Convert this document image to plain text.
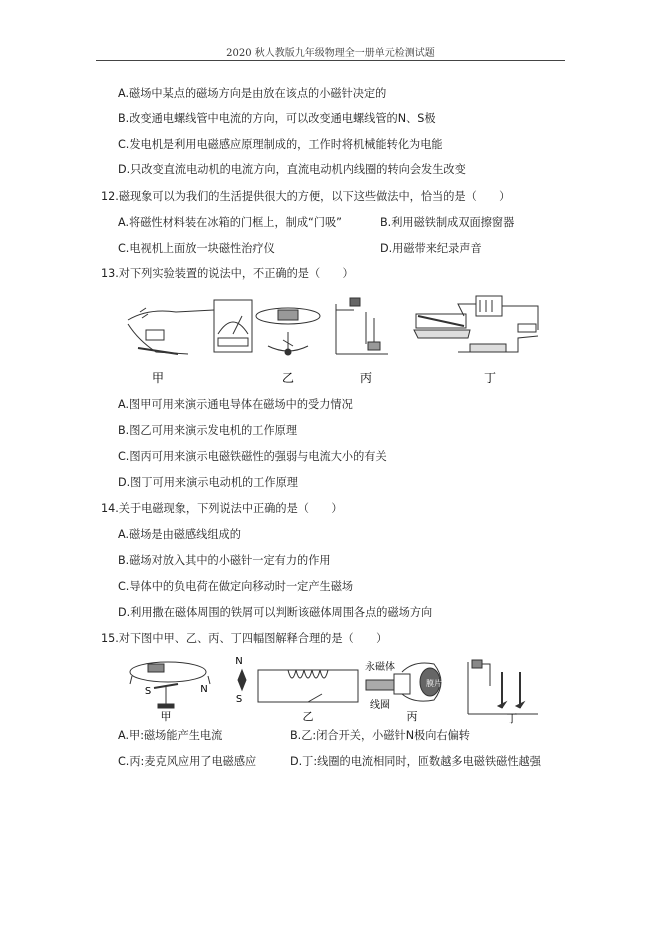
2020 秋人教版九年级物理全一册单元检测试题
A.磁场中某点的磁场方向是由放在该点的小磁针决定的
B.改变通电螺线管中电流的方向，可以改变通电螺线管的N、S极
C.发电机是利用电磁感应原理制成的，工作时将机械能转化为电能
D.只改变直流电动机的电流方向，直流电动机内线圈的转向会发生改变
12.磁现象可以为我们的生活提供很大的方便，以下这些做法中，恰当的是（　　）
A.将磁性材料装在冰箱的门框上，制成“门吸”	B.利用磁铁制成双面擦窗器
C.电视机上面放一块磁性治疗仪	D.用磁带来纪录声音
13.对下列实验装置的说法中，不正确的是（　　）
甲	乙	丙	丁
A.图甲可用来演示通电导体在磁场中的受力情况
B.图乙可用来演示发电机的工作原理
C.图丙可用来演示电磁铁磁性的强弱与电流大小的有关
D.图丁可用来演示电动机的工作原理
14.关于电磁现象，下列说法中正确的是（　　）
A.磁场是由磁感线组成的
B.磁场对放入其中的小磁针一定有力的作用
C.导体中的负电荷在做定向移动时一定产生磁场
D.利用撒在磁体周围的铁屑可以判断该磁体周围各点的磁场方向
15.对下图中甲、乙、丙、丁四幅图解释合理的是（　　）
N
S
S	N
永磁体
线圈
膜片
甲	乙	丙	丁
A.甲:磁场能产生电流	B.乙:闭合开关，小磁针N极向右偏转
C.丙:麦克风应用了电磁感应	D.丁:线圈的电流相同时，匝数越多电磁铁磁性越强
